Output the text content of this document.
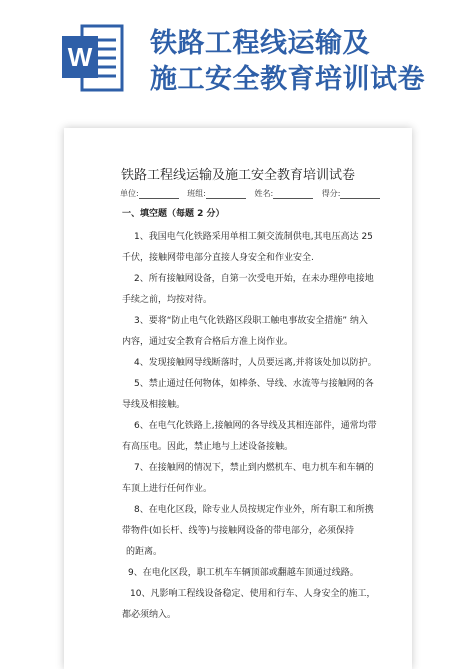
W 铁路工程线运输及
施工安全教育培训试卷
铁路工程线运输及施工安全教育培训试卷
单位:	班组:	姓名:	得分:
一、填空题（每题 2 分）
1、我国电气化铁路采用单相工频交流制供电,其电压高达 25
千伏，接触网带电部分直接人身安全和作业安全.
2、所有接触网设备，自第一次受电开始，在未办理停电接地
手续之前，均按对待。
3、要将“防止电气化铁路区段职工触电事故安全措施” 纳入
内容，通过安全教育合格后方准上岗作业。
4、发现接触网导线断落时，人员要远离,并将该处加以防护。
5、禁止通过任何物体，如棒条、导线、水流等与接触网的各
导线及相接触。
6、在电气化铁路上,接触网的各导线及其相连部件，通常均带
有高压电。因此，禁止地与上述设备接触。
7、在接触网的情况下，禁止到内燃机车、电力机车和车辆的
车顶上进行任何作业。
8、在电化区段，除专业人员按规定作业外，所有职工和所携
带物件(如长杆、线等)与接触网设备的带电部分，必须保持
的距离。
9、在电化区段，职工机车车辆顶部或翻越车顶通过线路。
10、凡影响工程线设备稳定、使用和行车、人身安全的施工，
都必须纳入。
